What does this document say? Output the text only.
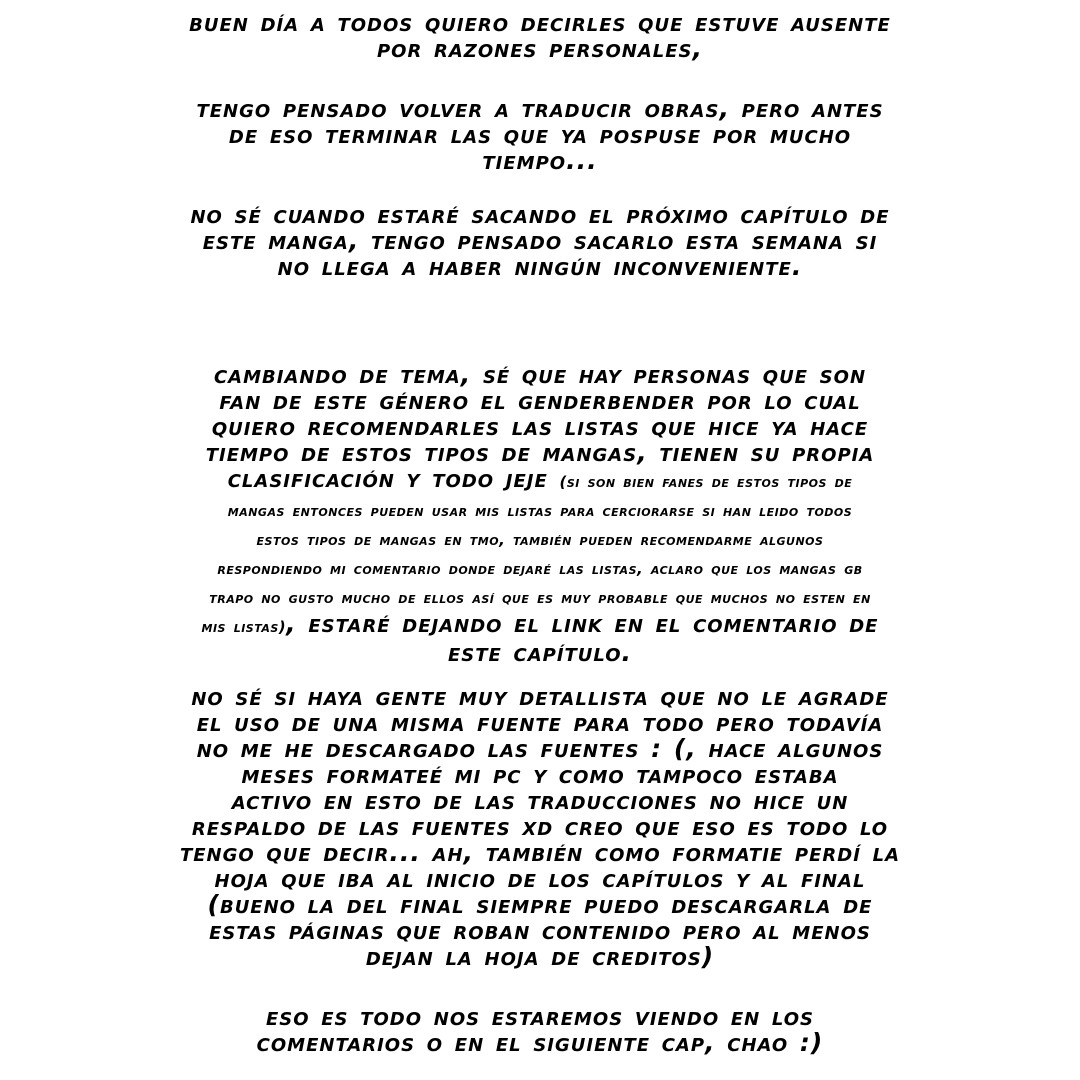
buen día a todos quiero decirles que estuve ausente
por razones personales,
tengo pensado volver a traducir obras, pero antes
de eso terminar las que ya pospuse por mucho
tiempo...
no sé cuando estaré sacando el próximo capítulo de
este manga, tengo pensado sacarlo esta semana si
no llega a haber ningún inconveniente.
cambiando de tema, sé que hay personas que son
fan de este género el genderbender por lo cual
quiero recomendarles las listas que hice ya hace
tiempo de estos tipos de mangas, tienen su propia
clasificación y todo jeje (si son bien fanes de estos tipos de
mangas entonces pueden usar mis listas para cerciorarse si han leido todos
estos tipos de mangas en tmo, también pueden recomendarme algunos
respondiendo mi comentario donde dejaré las listas, aclaro que los mangas gb
trapo no gusto mucho de ellos así que es muy probable que muchos no esten en
mis listas), estaré dejando el link en el comentario de
este capítulo.
no sé si haya gente muy detallista que no le agrade
el uso de una misma fuente para todo pero todavía
no me he descargado las fuentes : (, hace algunos
meses formateé mi pc y como tampoco estaba
activo en esto de las traducciones no hice un
respaldo de las fuentes xd creo que eso es todo lo
tengo que decir... ah, también como formatie perdí la
hoja que iba al inicio de los capítulos y al final
(bueno la del final siempre puedo descargarla de
estas páginas que roban contenido pero al menos
dejan la hoja de creditos)
eso es todo nos estaremos viendo en los
comentarios o en el siguiente cap, chao :)
